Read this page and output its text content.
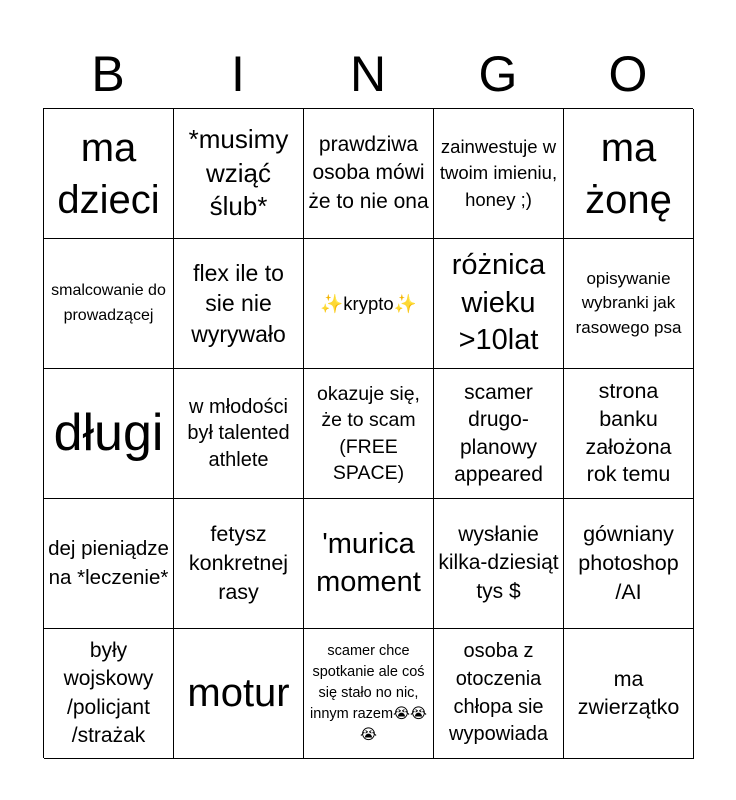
B	I	N	G	O
ma dzieci
*musimy wziąć ślub*
prawdziwa osoba mówi że to nie ona
zainwestuje w twoim imieniu, honey ;)
ma żonę
smalcowanie do prowadzącej
flex ile to sie nie wyrywało
✨krypto✨
różnica wieku >10lat
opisywanie wybranki jak rasowego psa
długi	w młodości był talented athlete
okazuje się, że to scam (FREE SPACE)
scamer drugo-planowy appeared
strona banku założona rok temu
dej pieniądze na *leczenie*
fetysz konkretnej rasy
'murica moment
wysłanie kilka-dziesiąt tys $
gówniany photoshop /AI
były wojskowy /policjant /strażak
motur
scamer chce spotkanie ale coś się stało no nic, innym razem😭😭😭
osoba z otoczenia chłopa sie wypowiada
ma zwierzątko
